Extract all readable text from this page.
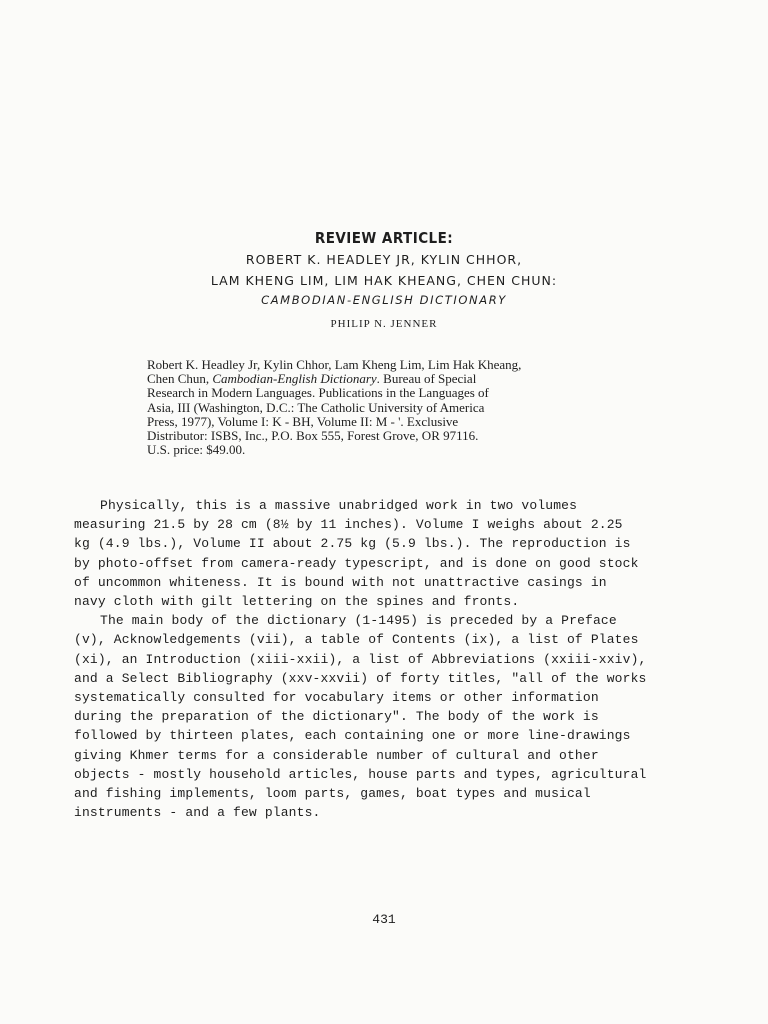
REVIEW ARTICLE:
ROBERT K. HEADLEY JR, KYLIN CHHOR,
LAM KHENG LIM, LIM HAK KHEANG, CHEN CHUN:
CAMBODIAN-ENGLISH DICTIONARY
PHILIP N. JENNER
Robert K. Headley Jr, Kylin Chhor, Lam Kheng Lim, Lim Hak Kheang,
Chen Chun, Cambodian-English Dictionary. Bureau of Special
Research in Modern Languages. Publications in the Languages of
Asia, III (Washington, D.C.: The Catholic University of America
Press, 1977), Volume I: K - BH, Volume II: M - '. Exclusive
Distributor: ISBS, Inc., P.O. Box 555, Forest Grove, OR 97116.
U.S. price: $49.00.
Physically, this is a massive unabridged work in two volumes
measuring 21.5 by 28 cm (8½ by 11 inches). Volume I weighs about 2.25
kg (4.9 lbs.), Volume II about 2.75 kg (5.9 lbs.). The reproduction is
by photo-offset from camera-ready typescript, and is done on good stock
of uncommon whiteness. It is bound with not unattractive casings in
navy cloth with gilt lettering on the spines and fronts.
The main body of the dictionary (1-1495) is preceded by a Preface
(v), Acknowledgements (vii), a table of Contents (ix), a list of Plates
(xi), an Introduction (xiii-xxii), a list of Abbreviations (xxiii-xxiv),
and a Select Bibliography (xxv-xxvii) of forty titles, "all of the works
systematically consulted for vocabulary items or other information
during the preparation of the dictionary". The body of the work is
followed by thirteen plates, each containing one or more line-drawings
giving Khmer terms for a considerable number of cultural and other
objects - mostly household articles, house parts and types, agricultural
and fishing implements, loom parts, games, boat types and musical
instruments - and a few plants.
431
